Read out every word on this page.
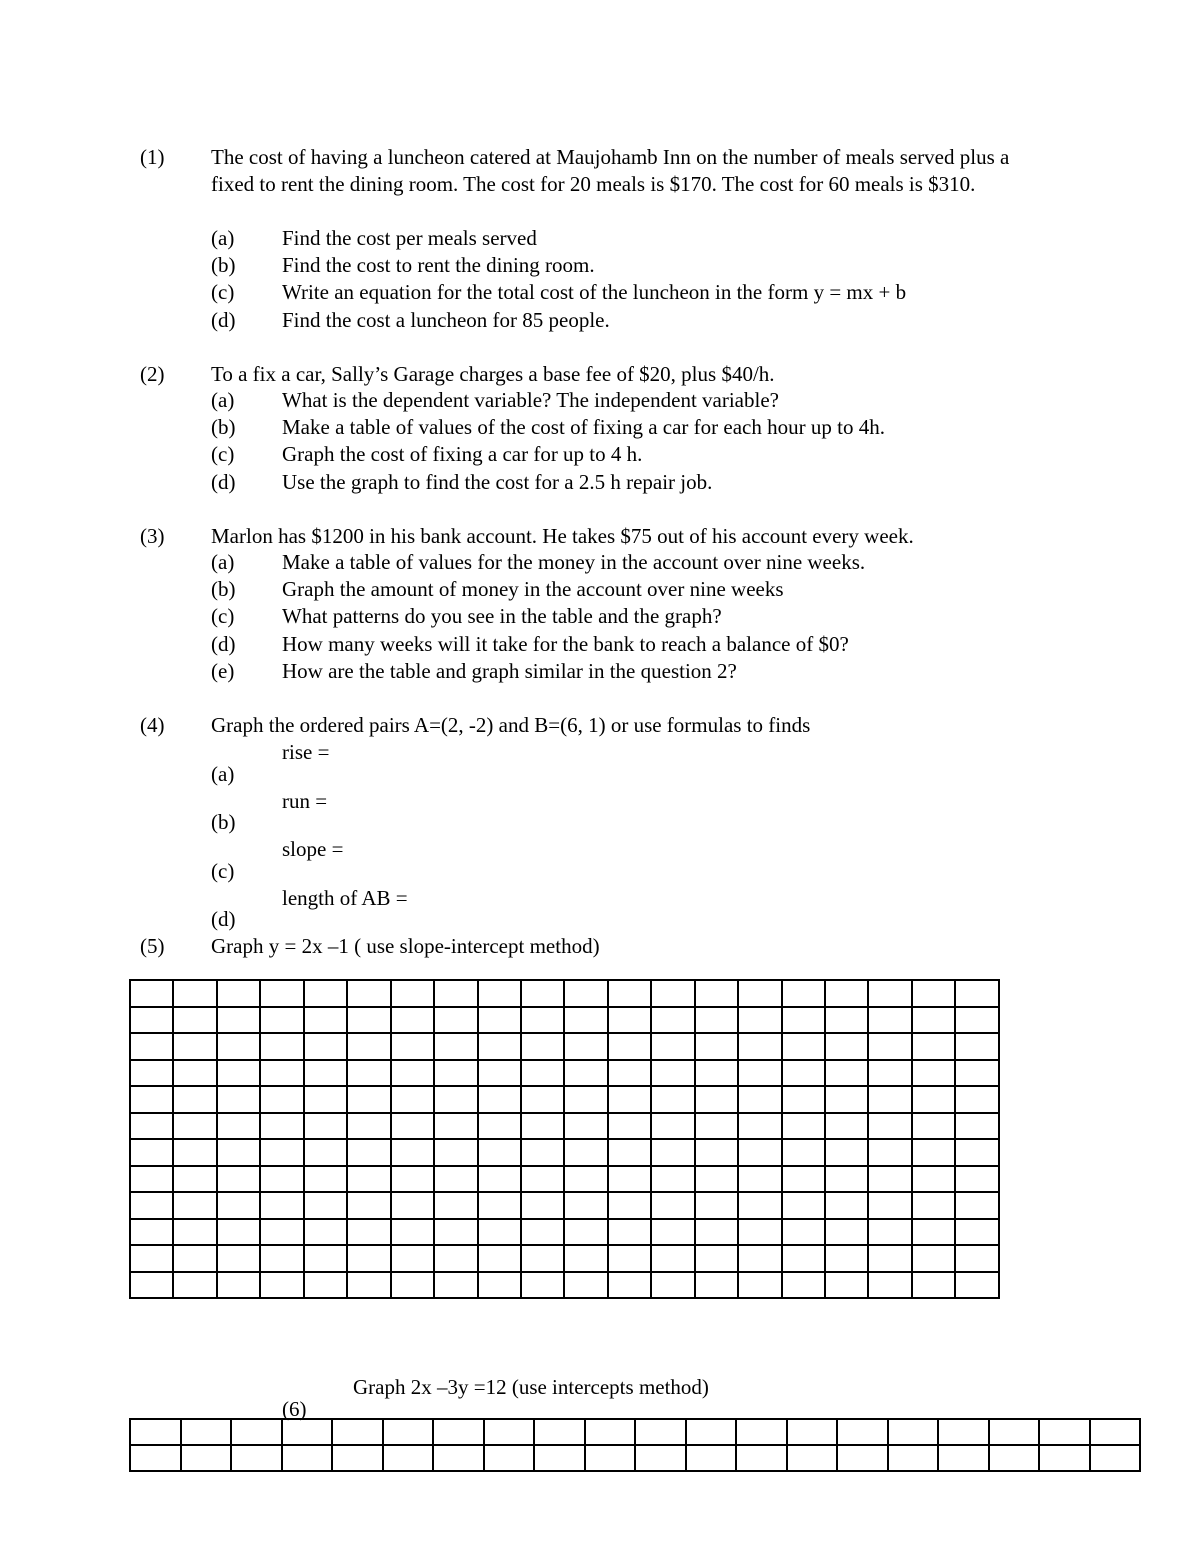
(1) The cost of having a luncheon catered at Maujohamb Inn on the number of meals served plus a
fixed to rent the dining room. The cost for 20 meals is $170. The cost for 60 meals is $310.
(a) Find the cost per meals served
(b) Find the cost to rent the dining room.
(c) Write an equation for the total cost of the luncheon in the form y = mx + b
(d) Find the cost a luncheon for 85 people.
(2) To a fix a car, Sally’s Garage charges a base fee of $20, plus $40/h.
(a) What is the dependent variable? The independent variable?
(b) Make a table of values of the cost of fixing a car for each hour up to 4h.
(c) Graph the cost of fixing a car for up to 4 h.
(d) Use the graph to find the cost for a 2.5 h repair job.
(3) Marlon has $1200 in his bank account. He takes $75 out of his account every week.
(a) Make a table of values for the money in the account over nine weeks.
(b) Graph the amount of money in the account over nine weeks
(c) What patterns do you see in the table and the graph?
(d) How many weeks will it take for the bank to reach a balance of $0?
(e) How are the table and graph similar in the question 2?
(4) Graph the ordered pairs A=(2, -2) and B=(6, 1) or use formulas to finds
rise =
(a)
run =
(b)
slope =
(c)
length of AB =
(d)
(5) Graph y = 2x –1 ( use slope-intercept method)

Graph 2x –3y =12 (use intercepts method)
(6)
